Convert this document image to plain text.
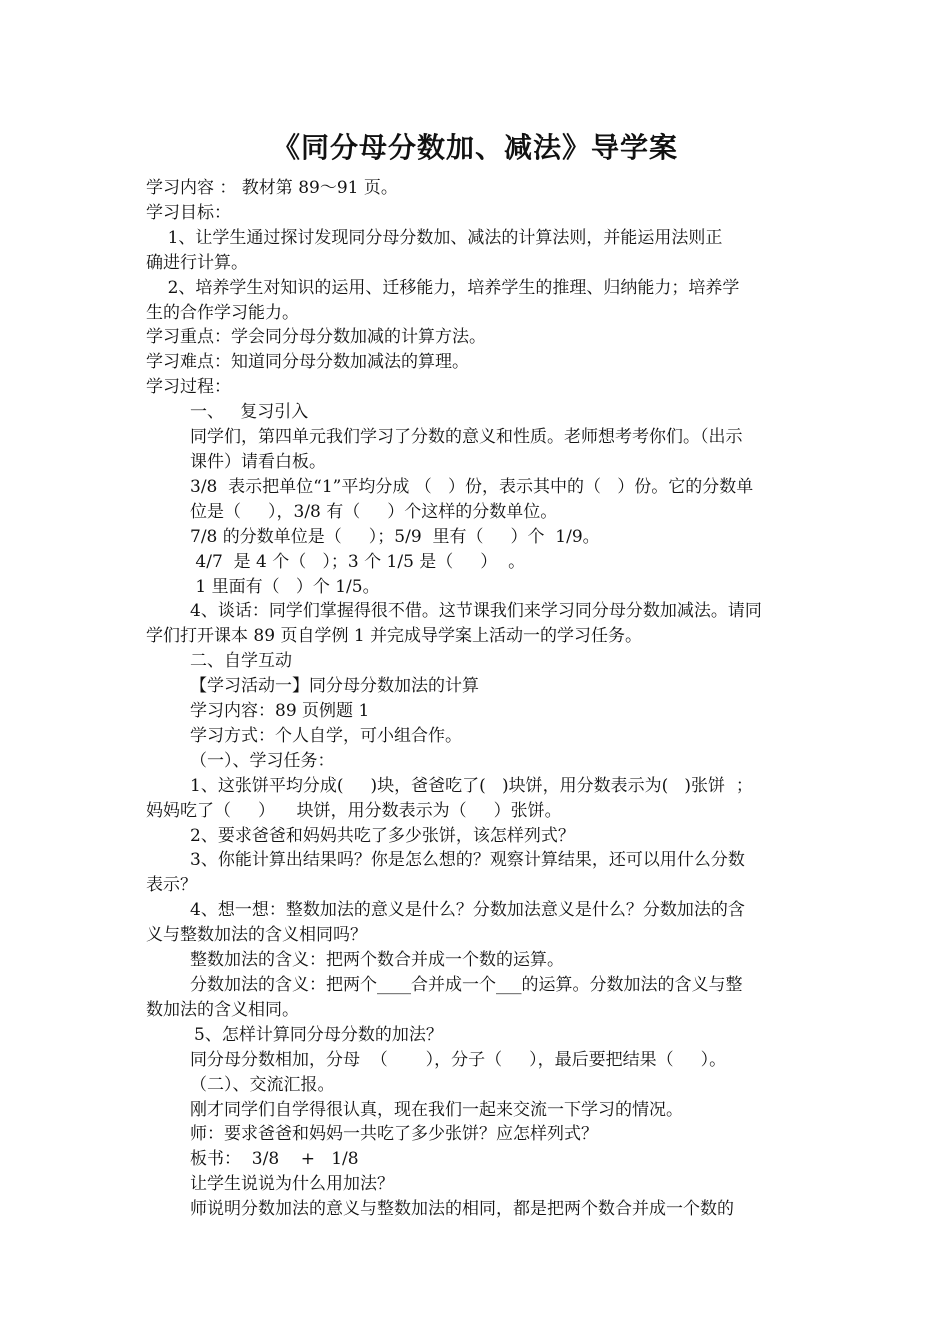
《同分母分数加、减法》导学案

学习内容 ： 教材第 89～91 页。

学习目标：

1、让学生通过探讨发现同分母分数加、减法的计算法则，并能运用法则正

确进行计算。

2、培养学生对知识的运用、迁移能力，培养学生的推理、归纳能力；培养学

生的合作学习能力。

学习重点：学会同分母分数加减的计算方法。

学习难点：知道同分母分数加减法的算理。

学习过程：

一、   复习引入

同学们，第四单元我们学习了分数的意义和性质。老师想考考你们。（出示

课件）请看白板。

3/8  表示把单位“1”平均分成 （   ）份，表示其中的（   ）份。它的分数单

位是（     ），3/8 有（     ）个这样的分数单位。

7/8 的分数单位是（     ）；5/9  里有（     ）个  1/9。

4/7  是 4 个（   ）；3 个 1/5 是（     ）  。

1 里面有（   ）个 1/5。

4、谈话：同学们掌握得很不借。这节课我们来学习同分母分数加减法。请同

学们打开课本 89 页自学例 1 并完成导学案上活动一的学习任务。

二、自学互动

【学习活动一】同分母分数加法的计算

学习内容：89 页例题 1

学习方式：个人自学，可小组合作。

（一）、学习任务：

1、这张饼平均分成(     )块，爸爸吃了(   )块饼，用分数表示为(   )张饼  ；

妈妈吃了（     ）    块饼，用分数表示为（     ）张饼。

2、要求爸爸和妈妈共吃了多少张饼，该怎样列式？

3、你能计算出结果吗？你是怎么想的？观察计算结果，还可以用什么分数

表示？

4、想一想：整数加法的意义是什么？分数加法意义是什么？分数加法的含

义与整数加法的含义相同吗？

整数加法的含义：把两个数合并成一个数的运算。

分数加法的含义：把两个____合并成一个___的运算。分数加法的含义与整

数加法的含义相同。

5、怎样计算同分母分数的加法？

同分母分数相加，分母  （       ），分子（     ），最后要把结果（     ）。

（二）、交流汇报。

刚才同学们自学得很认真，现在我们一起来交流一下学习的情况。

师：要求爸爸和妈妈一共吃了多少张饼？应怎样列式？

板书：  3/8    +   1/8

让学生说说为什么用加法？

师说明分数加法的意义与整数加法的相同，都是把两个数合并成一个数的
